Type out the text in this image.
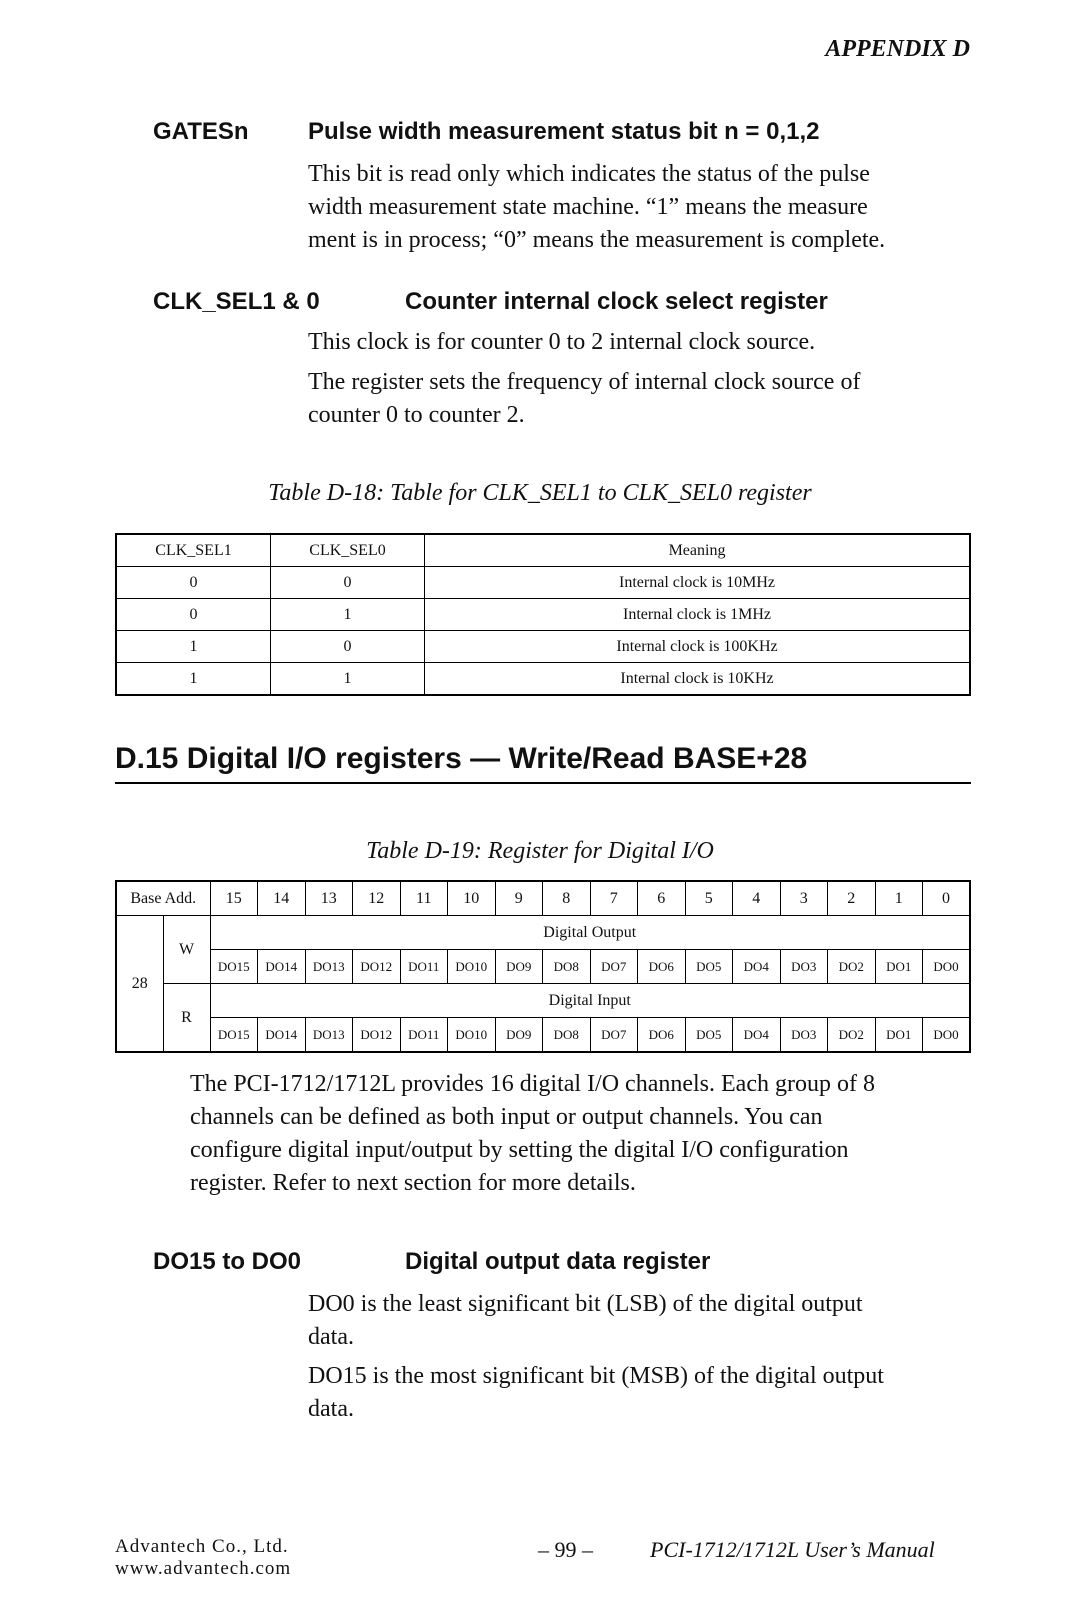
APPENDIX D
GATESn Pulse width measurement status bit n = 0,1,2
This bit is read only which indicates the status of the pulse
width measurement state machine. “1” means the measure
ment is in process; “0” means the measurement is complete.
CLK_SEL1 & 0	Counter internal clock select register
This clock is for counter 0 to 2 internal clock source.
The register sets the frequency of internal clock source of
counter 0 to counter 2.
Table D-18: Table for CLK_SEL1 to CLK_SEL0 register
CLK_SEL1	CLK_SEL0	Meaning
0	0	Internal clock is 10MHz
0	1	Internal clock is 1MHz
1	0	Internal clock is 100KHz
1	1	Internal clock is 10KHz
D.15 Digital I/O registers — Write/Read BASE+28
Table D-19: Register for Digital I/O
Base Add.		15	14	13	12	11	10	9	8	7	6	5	4	3	2	1	0
28	W	Digital Output															
		DO15	DO14	DO13	DO12	DO11	DO10	DO9	DO8	DO7	DO6	DO5	DO4	DO3	DO2	DO1	DO0
	R	Digital Input															
		DO15	DO14	DO13	DO12	DO11	DO10	DO9	DO8	DO7	DO6	DO5	DO4	DO3	DO2	DO1	DO0
The PCI-1712/1712L provides 16 digital I/O channels. Each group of 8
channels can be defined as both input or output channels. You can
configure digital input/output by setting the digital I/O configuration
register. Refer to next section for more details.
DO15 to DO0	Digital output data register
DO0 is the least significant bit (LSB) of the digital output
data.
DO15 is the most significant bit (MSB) of the digital output
data.
Advantech Co., Ltd.
www.advantech.com
– 99 –	PCI-1712/1712L User’s Manual
